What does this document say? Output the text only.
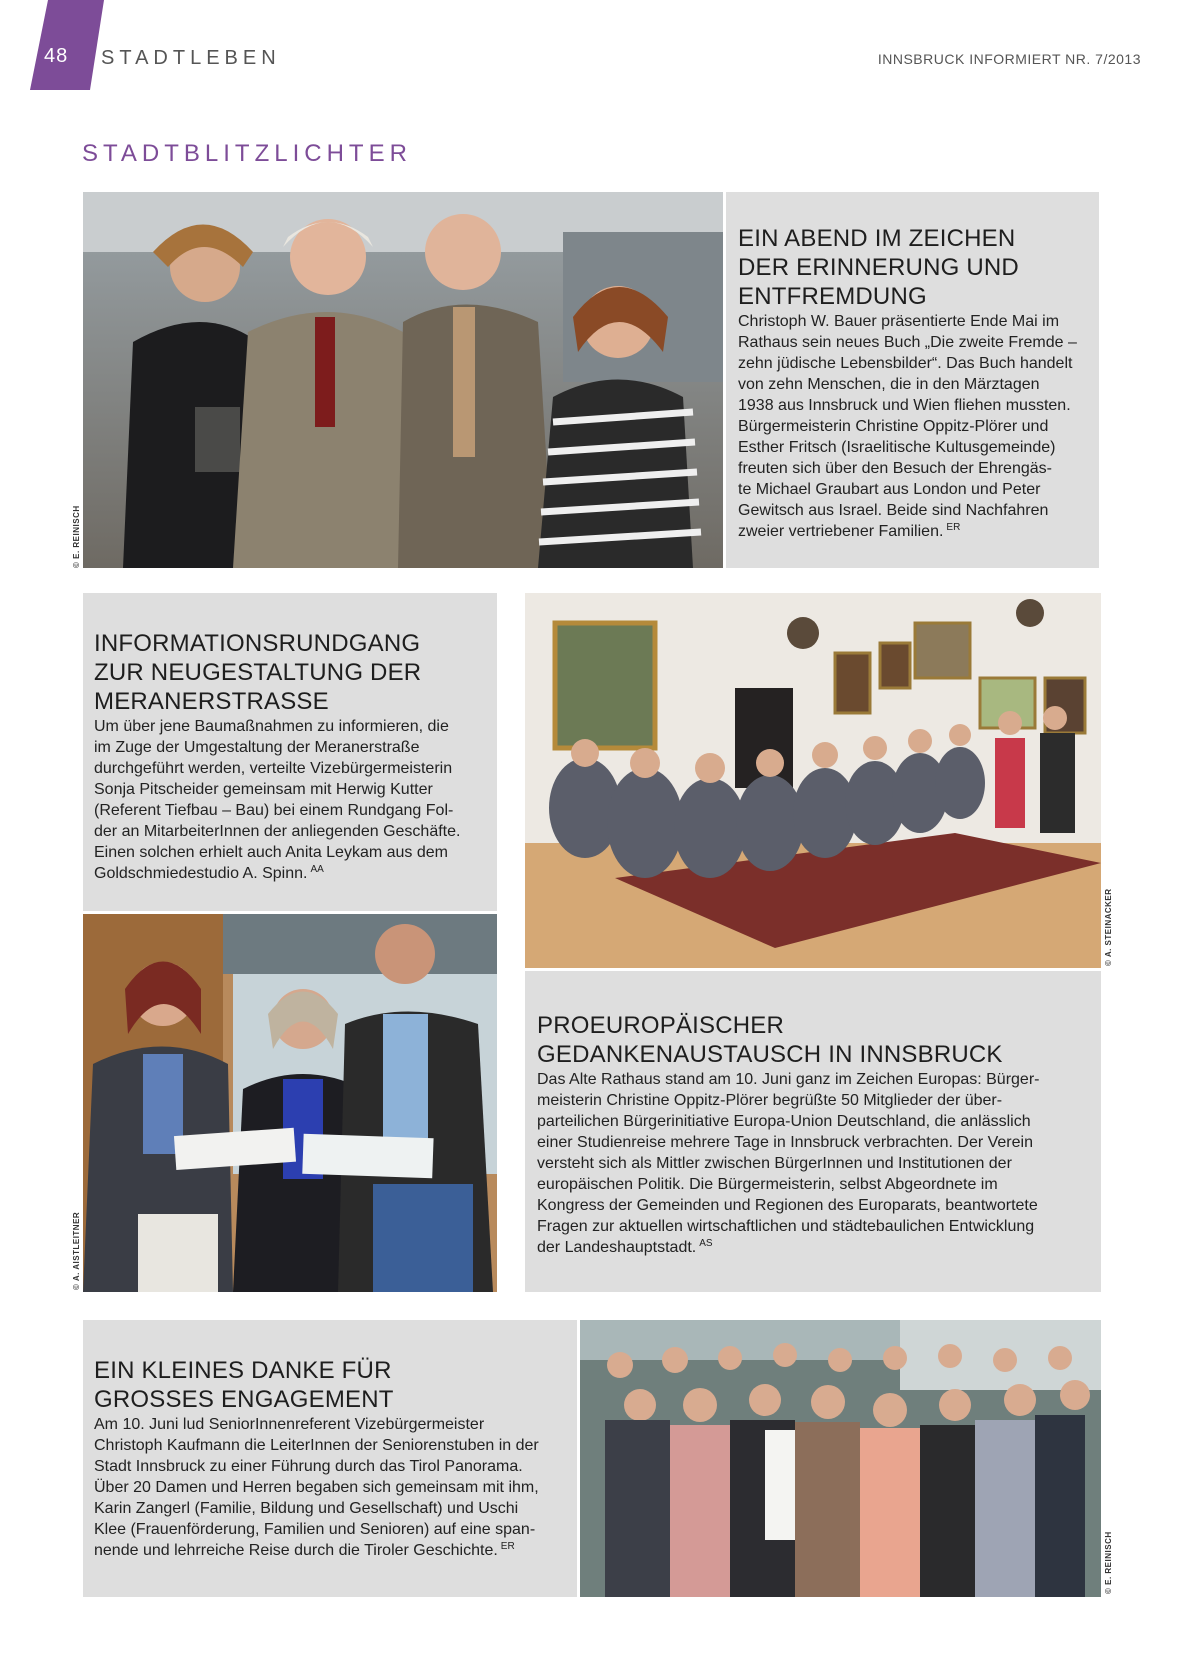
48 STADTLEBEN	INNSBRUCK INFORMIERT NR. 7/2013
STADTBLITZLICHTER
© E. REINISCH
EIN ABEND IM ZEICHEN
DER ERINNERUNG UND
ENTFREMDUNG
Christoph W. Bauer präsentierte Ende Mai im
Rathaus sein neues Buch „Die zweite Fremde –
zehn jüdische Lebensbilder“. Das Buch handelt
von zehn Menschen, die in den Märztagen
1938 aus Innsbruck und Wien fliehen mussten.
Bürgermeisterin Christine Oppitz-Plörer und
Esther Fritsch (Israelitische Kultusgemeinde)
freuten sich über den Besuch der Ehrengäs-
te Michael Graubart aus London und Peter
Gewitsch aus Israel. Beide sind Nachfahren
zweier vertriebener Familien. $^{ER}$
INFORMATIONSRUNDGANG
ZUR NEUGESTALTUNG DER
MERANERSTRASSE
Um über jene Baumaßnahmen zu informieren, die
im Zuge der Umgestaltung der Meranerstraße
durchgeführt werden, verteilte Vizebürgermeisterin
Sonja Pitscheider gemeinsam mit Herwig Kutter
(Referent Tiefbau – Bau) bei einem Rundgang Fol-
der an MitarbeiterInnen der anliegenden Geschäfte.
Einen solchen erhielt auch Anita Leykam aus dem
Goldschmiedestudio A. Spinn. $^{AA}$
© A. AISTLEITNER
© A. STEINACKER
PROEUROPÄISCHER
GEDANKENAUSTAUSCH IN INNSBRUCK
Das Alte Rathaus stand am 10. Juni ganz im Zeichen Europas: Bürger-
meisterin Christine Oppitz-Plörer begrüßte 50 Mitglieder der über-
parteilichen Bürgerinitiative Europa-Union Deutschland, die anlässlich
einer Studienreise mehrere Tage in Innsbruck verbrachten. Der Verein
versteht sich als Mittler zwischen BürgerInnen und Institutionen der
europäischen Politik. Die Bürgermeisterin, selbst Abgeordnete im
Kongress der Gemeinden und Regionen des Europarats, beantwortete
Fragen zur aktuellen wirtschaftlichen und städtebaulichen Entwicklung
der Landeshauptstadt. $^{AS}$
EIN KLEINES DANKE FÜR
GROSSES ENGAGEMENT
Am 10. Juni lud SeniorInnenreferent Vizebürgermeister
Christoph Kaufmann die LeiterInnen der Seniorenstuben in der
Stadt Innsbruck zu einer Führung durch das Tirol Panorama.
Über 20 Damen und Herren begaben sich gemeinsam mit ihm,
Karin Zangerl (Familie, Bildung und Gesellschaft) und Uschi
Klee (Frauenförderung, Familien und Senioren) auf eine span-
nende und lehrreiche Reise durch die Tiroler Geschichte. $^{ER}$	© E. REINISCH
